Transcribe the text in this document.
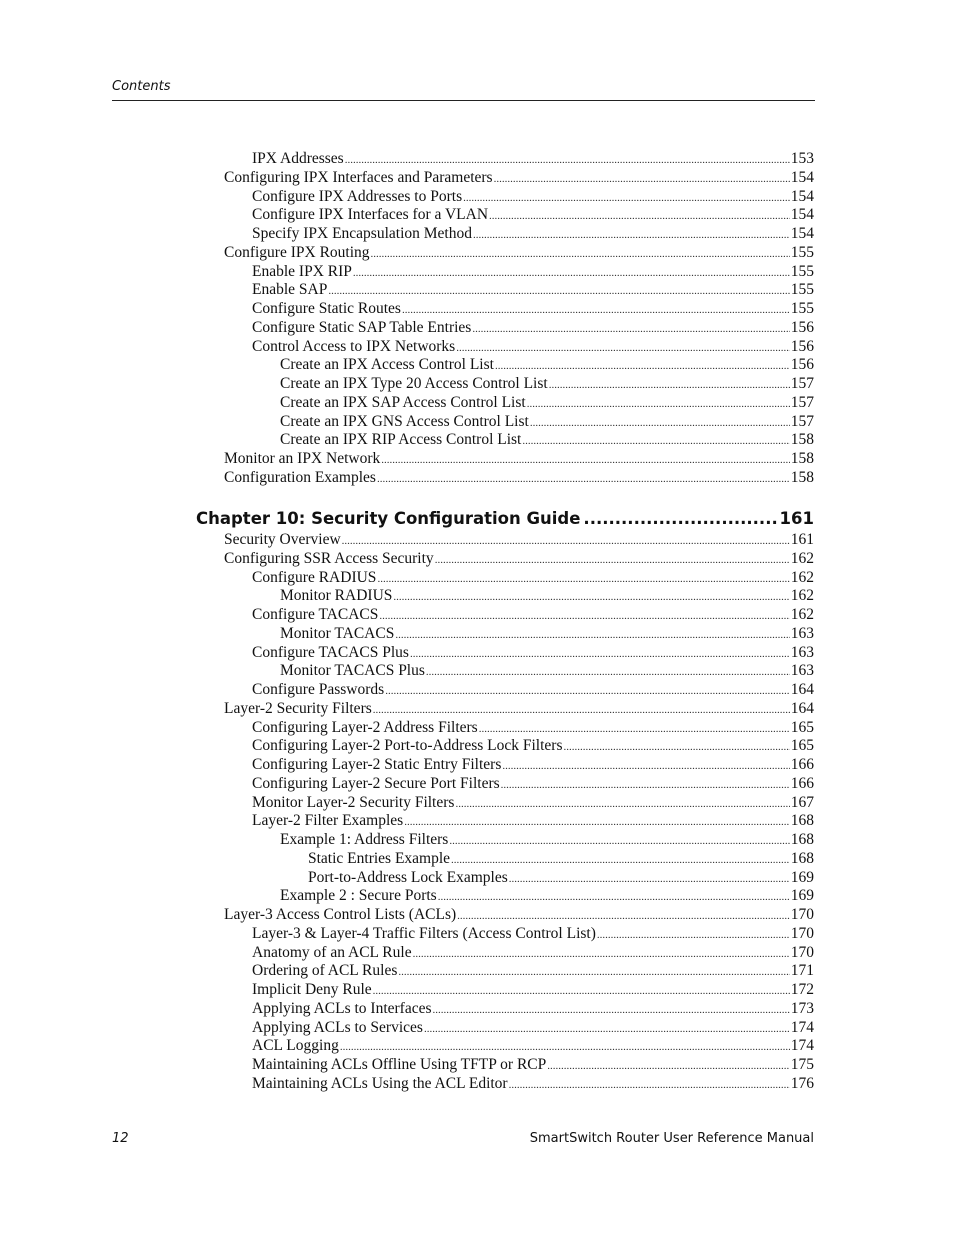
Contents
IPX Addresses .....	153
Configuring IPX Interfaces and Parameters .....	154
Configure IPX Addresses to Ports .....	154
Configure IPX Interfaces for a VLAN .....	154
Specify IPX Encapsulation Method .....	154
Configure IPX Routing .....	155
Enable IPX RIP .....	155
Enable SAP .....	155
Configure Static Routes .....	155
Configure Static SAP Table Entries .....	156
Control Access to IPX Networks .....	156
Create an IPX Access Control List .....	156
Create an IPX Type 20 Access Control List .....	157
Create an IPX SAP Access Control List .....	157
Create an IPX GNS Access Control List .....	157
Create an IPX RIP Access Control List .....	158
Monitor an IPX Network .....	158
Configuration Examples .....	158
Chapter 10: Security Configuration Guide .....	161
Security Overview .....	161
Configuring SSR Access Security .....	162
Configure RADIUS .....	162
Monitor RADIUS .....	162
Configure TACACS .....	162
Monitor TACACS .....	163
Configure TACACS Plus .....	163
Monitor TACACS Plus .....	163
Configure Passwords .....	164
Layer-2 Security Filters .....	164
Configuring Layer-2 Address Filters .....	165
Configuring Layer-2 Port-to-Address Lock Filters .....	165
Configuring Layer-2 Static Entry Filters .....	166
Configuring Layer-2 Secure Port Filters .....	166
Monitor Layer-2 Security Filters .....	167
Layer-2 Filter Examples .....	168
Example 1: Address Filters .....	168
Static Entries Example .....	168
Port-to-Address Lock Examples .....	169
Example 2 : Secure Ports .....	169
Layer-3 Access Control Lists (ACLs) .....	170
Layer-3 & Layer-4 Traffic Filters (Access Control List) .....	170
Anatomy of an ACL Rule .....	170
Ordering of ACL Rules .....	171
Implicit Deny Rule .....	172
Applying ACLs to Interfaces .....	173
Applying ACLs to Services .....	174
ACL Logging .....	174
Maintaining ACLs Offline Using TFTP or RCP .....	175
Maintaining ACLs Using the ACL Editor .....	176
12	SmartSwitch Router User Reference Manual
